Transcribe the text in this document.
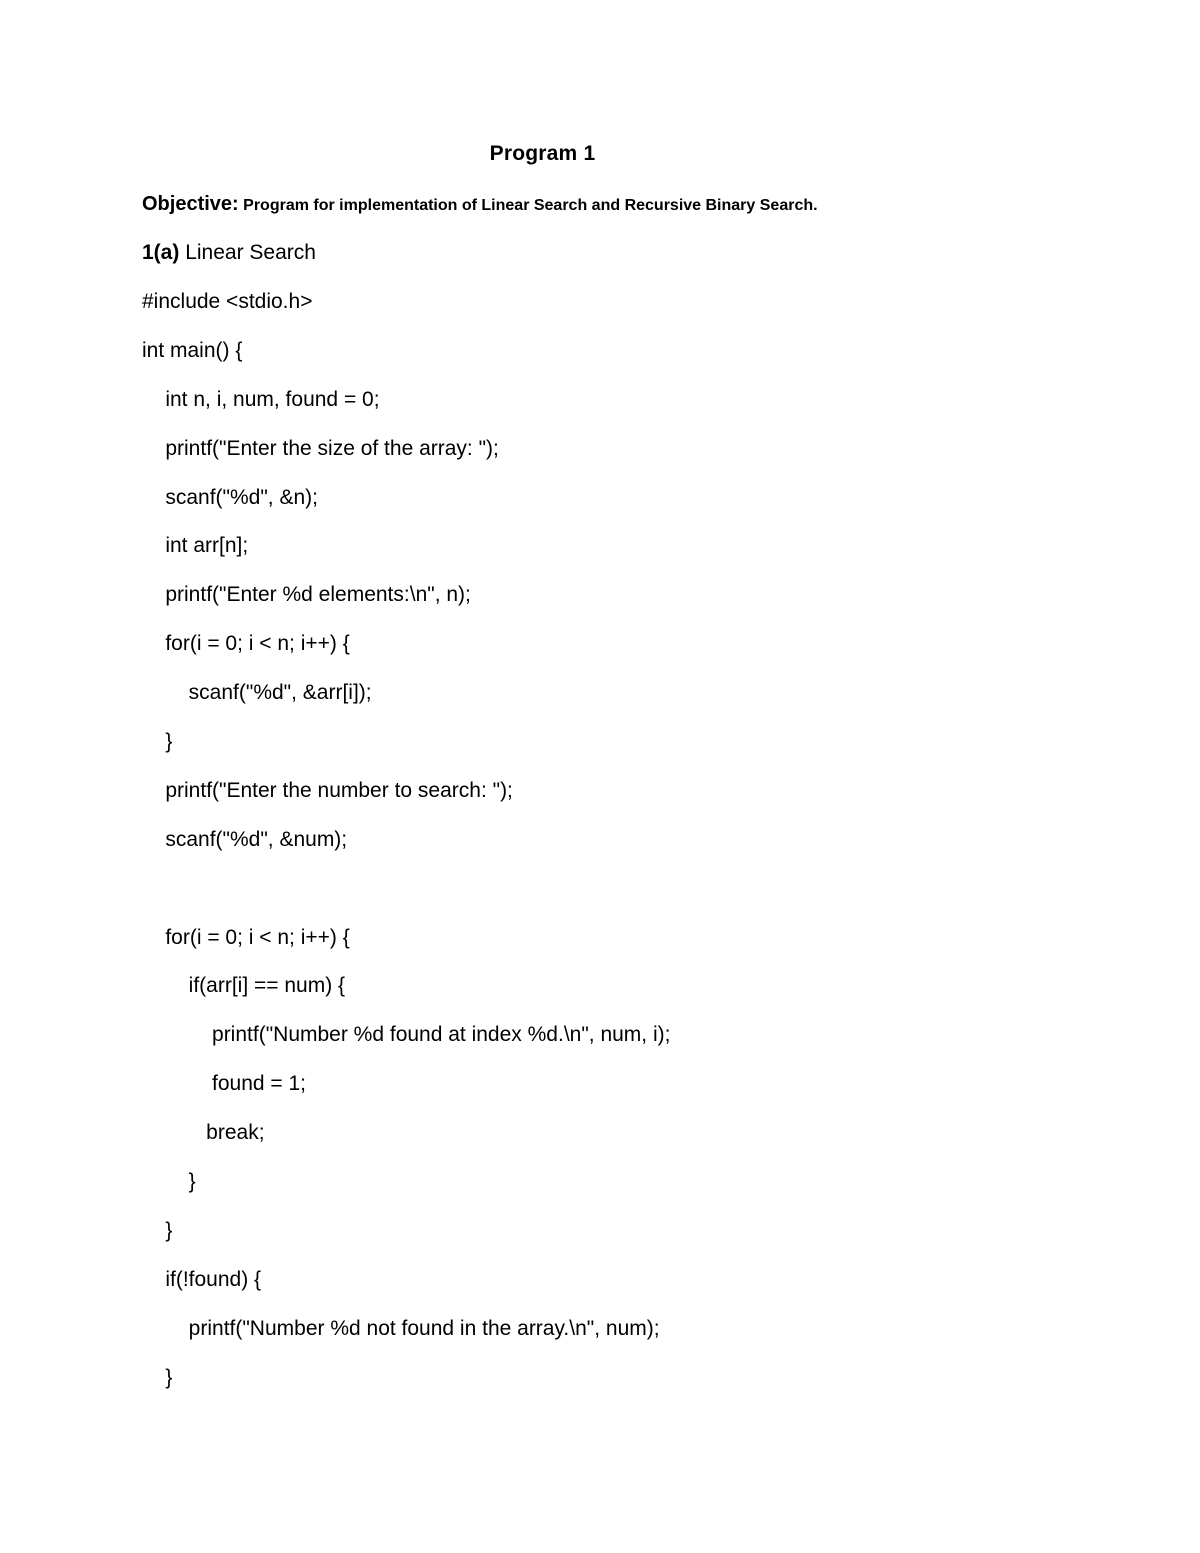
Program 1
Objective: Program for implementation of Linear Search and Recursive Binary Search.
1(a) Linear Search
#include <stdio.h>
int main() {
int n, i, num, found = 0;
printf("Enter the size of the array: ");
scanf("%d", &n);
int arr[n];
printf("Enter %d elements:\n", n);
for(i = 0; i < n; i++) {
scanf("%d", &arr[i]);
}
printf("Enter the number to search: ");
scanf("%d", &num);
for(i = 0; i < n; i++) {
if(arr[i] == num) {
printf("Number %d found at index %d.\n", num, i);
found = 1;
break;
}
}
if(!found) {
printf("Number %d not found in the array.\n", num);
}
